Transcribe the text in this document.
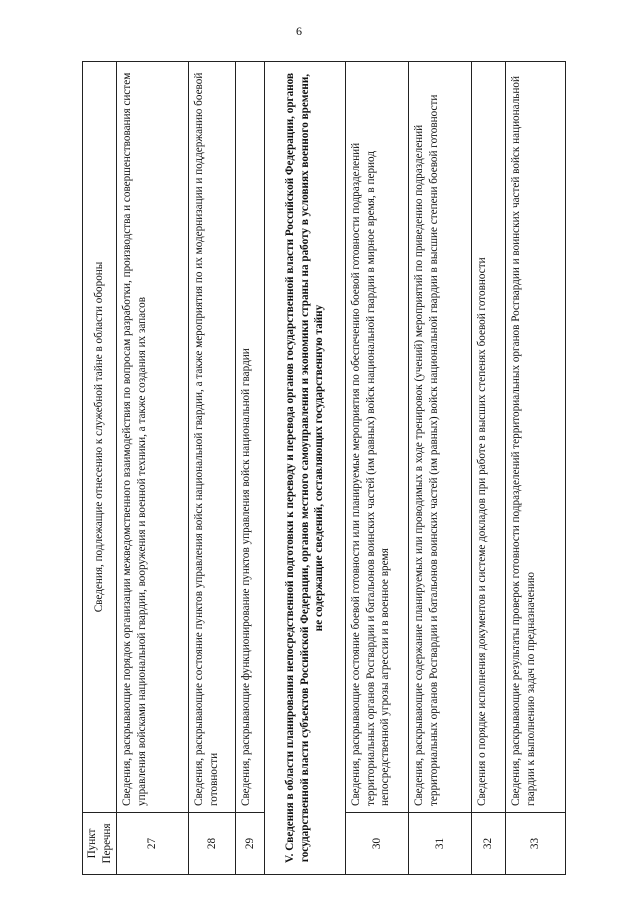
6
Пункт Перечня	Сведения, подлежащие отнесению к служебной тайне в области обороны
27	Сведения, раскрывающие порядок организации межведомственного взаимодействия по вопросам разработки, производства и совершенствования систем управления войсками национальной гвардии, вооружения и военной техники, а также создания их запасов
28	Сведения, раскрывающие состояние пунктов управления войск национальной гвардии, а также мероприятия по их модернизации и поддержанию боевой готовности
29	Сведения, раскрывающие функционирование пунктов управления войск национальной гвардии
V. Сведения в области планирования непосредственной подготовки к переводу и перевода органов государственной власти Российской Федерации, органов государственной власти субъектов Российской Федерации, органов местного самоуправления и экономики страны на работу в условиях военного времени, не содержащие сведений, составляющих государственную тайну	
30	Сведения, раскрывающие состояние боевой готовности или планируемые мероприятия по обеспечению боевой готовности подразделений территориальных органов Росгвардии и батальонов воинских частей (им равных) войск национальной гвардии в мирное время, в период непосредственной угрозы агрессии и в военное время
31	Сведения, раскрывающие содержание планируемых или проводимых в ходе тренировок (учений) мероприятий по приведению подразделений территориальных органов Росгвардии и батальонов воинских частей (им равных) войск национальной гвардии в высшие степени боевой готовности
32	Сведения о порядке исполнения документов и системе докладов при работе в высших степенях боевой готовности
33	Сведения, раскрывающие результаты проверок готовности подразделений территориальных органов Росгвардии и воинских частей войск национальной гвардии к выполнению задач по предназначению
